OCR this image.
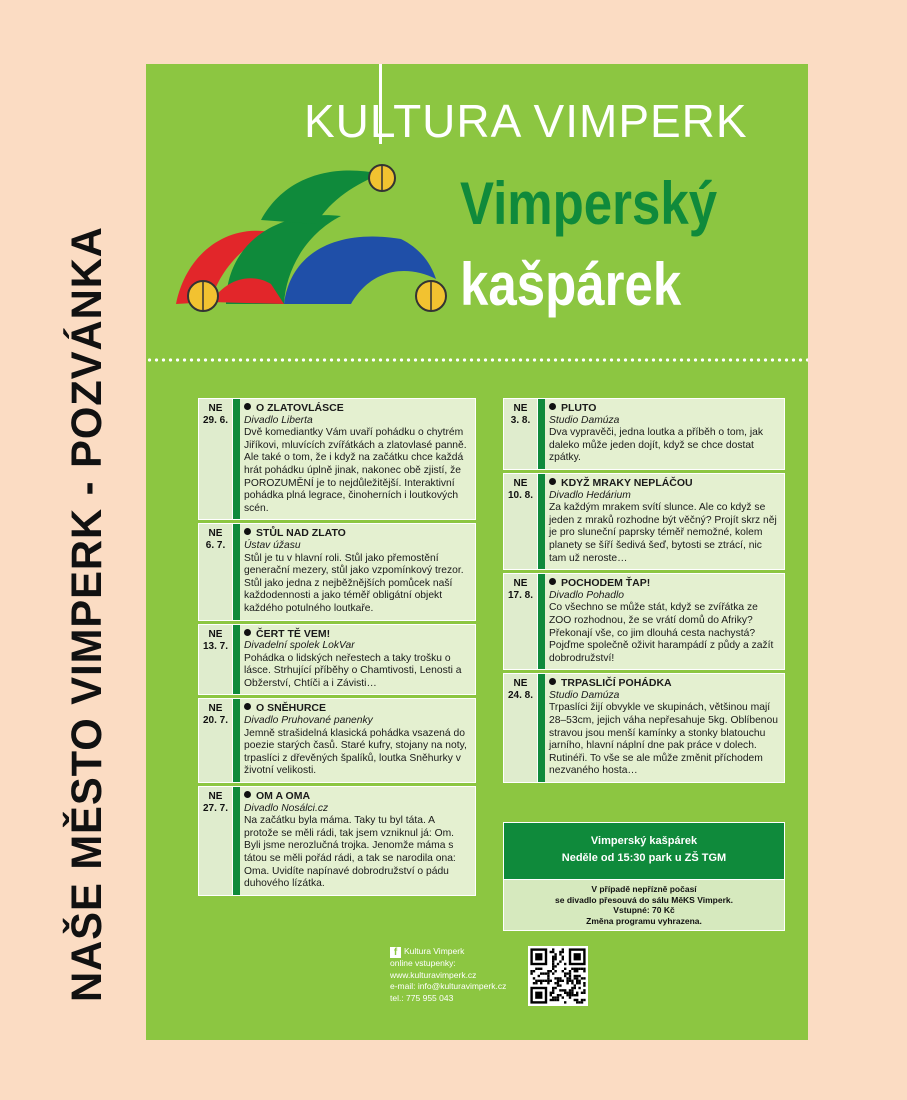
NAŠE MĚSTO VIMPERK - POZVÁNKA
KULTURA VIMPERK
Vimperský
kašpárek
NE
29. 6.
O ZLATOVLÁSCE
Divadlo Liberta
Dvě komediantky Vám uvaří pohádku o chytrém Jiříkovi, mluvících zvířátkách a zlatovlasé panně. Ale také o tom, že i když na začátku chce každá hrát pohádku úplně jinak, nakonec obě zjistí, že POROZUMĚNÍ je to nejdůležitější. Interaktivní pohádka plná legrace, činoherních i loutkových scén.
NE
6. 7.
STŮL NAD ZLATO
Ústav úžasu
Stůl je tu v hlavní roli. Stůl jako přemostění generační mezery, stůl jako vzpomínkový trezor. Stůl jako jedna z nejběžnějších pomůcek naší každodennosti a jako téměř obligátní objekt každého potulného loutkaře.
NE
13. 7.
ČERT TĚ VEM!
Divadelní spolek LokVar
Pohádka o lidských neřestech a taky trošku o lásce. Strhující příběhy o Chamtivosti, Lenosti a Obžerství, Chtíči a i Závisti…
NE
20. 7.
O SNĚHURCE
Divadlo Pruhované panenky
Jemně strašidelná klasická pohádka vsazená do poezie starých časů. Staré kufry, stojany na noty, trpaslíci z dřevěných špalíků, loutka Sněhurky v životní velikosti.
NE
27. 7.
OM A OMA
Divadlo Nosálci.cz
Na začátku byla máma. Taky tu byl táta. A protože se měli rádi, tak jsem vzniknul já: Om. Byli jsme nerozlučná trojka. Jenomže máma s tátou se měli pořád rádi, a tak se narodila ona: Oma. Uvidíte napínavé dobrodružství o pádu duhového lízátka.
NE
3. 8.
PLUTO
Studio Damúza
Dva vypravěči, jedna loutka a příběh o tom, jak daleko může jeden dojít, když se chce dostat zpátky.
NE
10. 8.
KDYŽ MRAKY NEPLÁČOU
Divadlo Hedárium
Za každým mrakem svítí slunce. Ale co když se jeden z mraků rozhodne být věčný? Projít skrz něj je pro sluneční paprsky téměř nemožné, kolem planety se šíří šedivá šeď, bytosti se ztrácí, nic tam už neroste…
NE
17. 8.
POCHODEM ŤAP!
Divadlo Pohadlo
Co všechno se může stát, když se zvířátka ze ZOO rozhodnou, že se vrátí domů do Afriky? Překonají vše, co jim dlouhá cesta nachystá? Pojďme společně oživit harampádí z půdy a zažít dobrodružství!
NE
24. 8.
TRPASLIČÍ POHÁDKA
Studio Damúza
Trpaslíci žijí obvykle ve skupinách, většinou mají 28–53cm, jejich váha nepřesahuje 5kg. Oblíbenou stravou jsou menší kamínky a stonky blatouchu jarního, hlavní náplní dne pak práce v dolech. Rutinéři. To vše se ale může změnit příchodem nezvaného hosta…
Vimperský kašpárek
Neděle od 15:30 park u ZŠ TGM
V případě nepřízně počasí
se divadlo přesouvá do sálu MěKS Vimperk.
Vstupné: 70 Kč
Změna programu vyhrazena.
f Kultura Vimperk
online vstupenky:
www.kulturavimperk.cz
e-mail: info@kulturavimperk.cz
tel.: 775 955 043
